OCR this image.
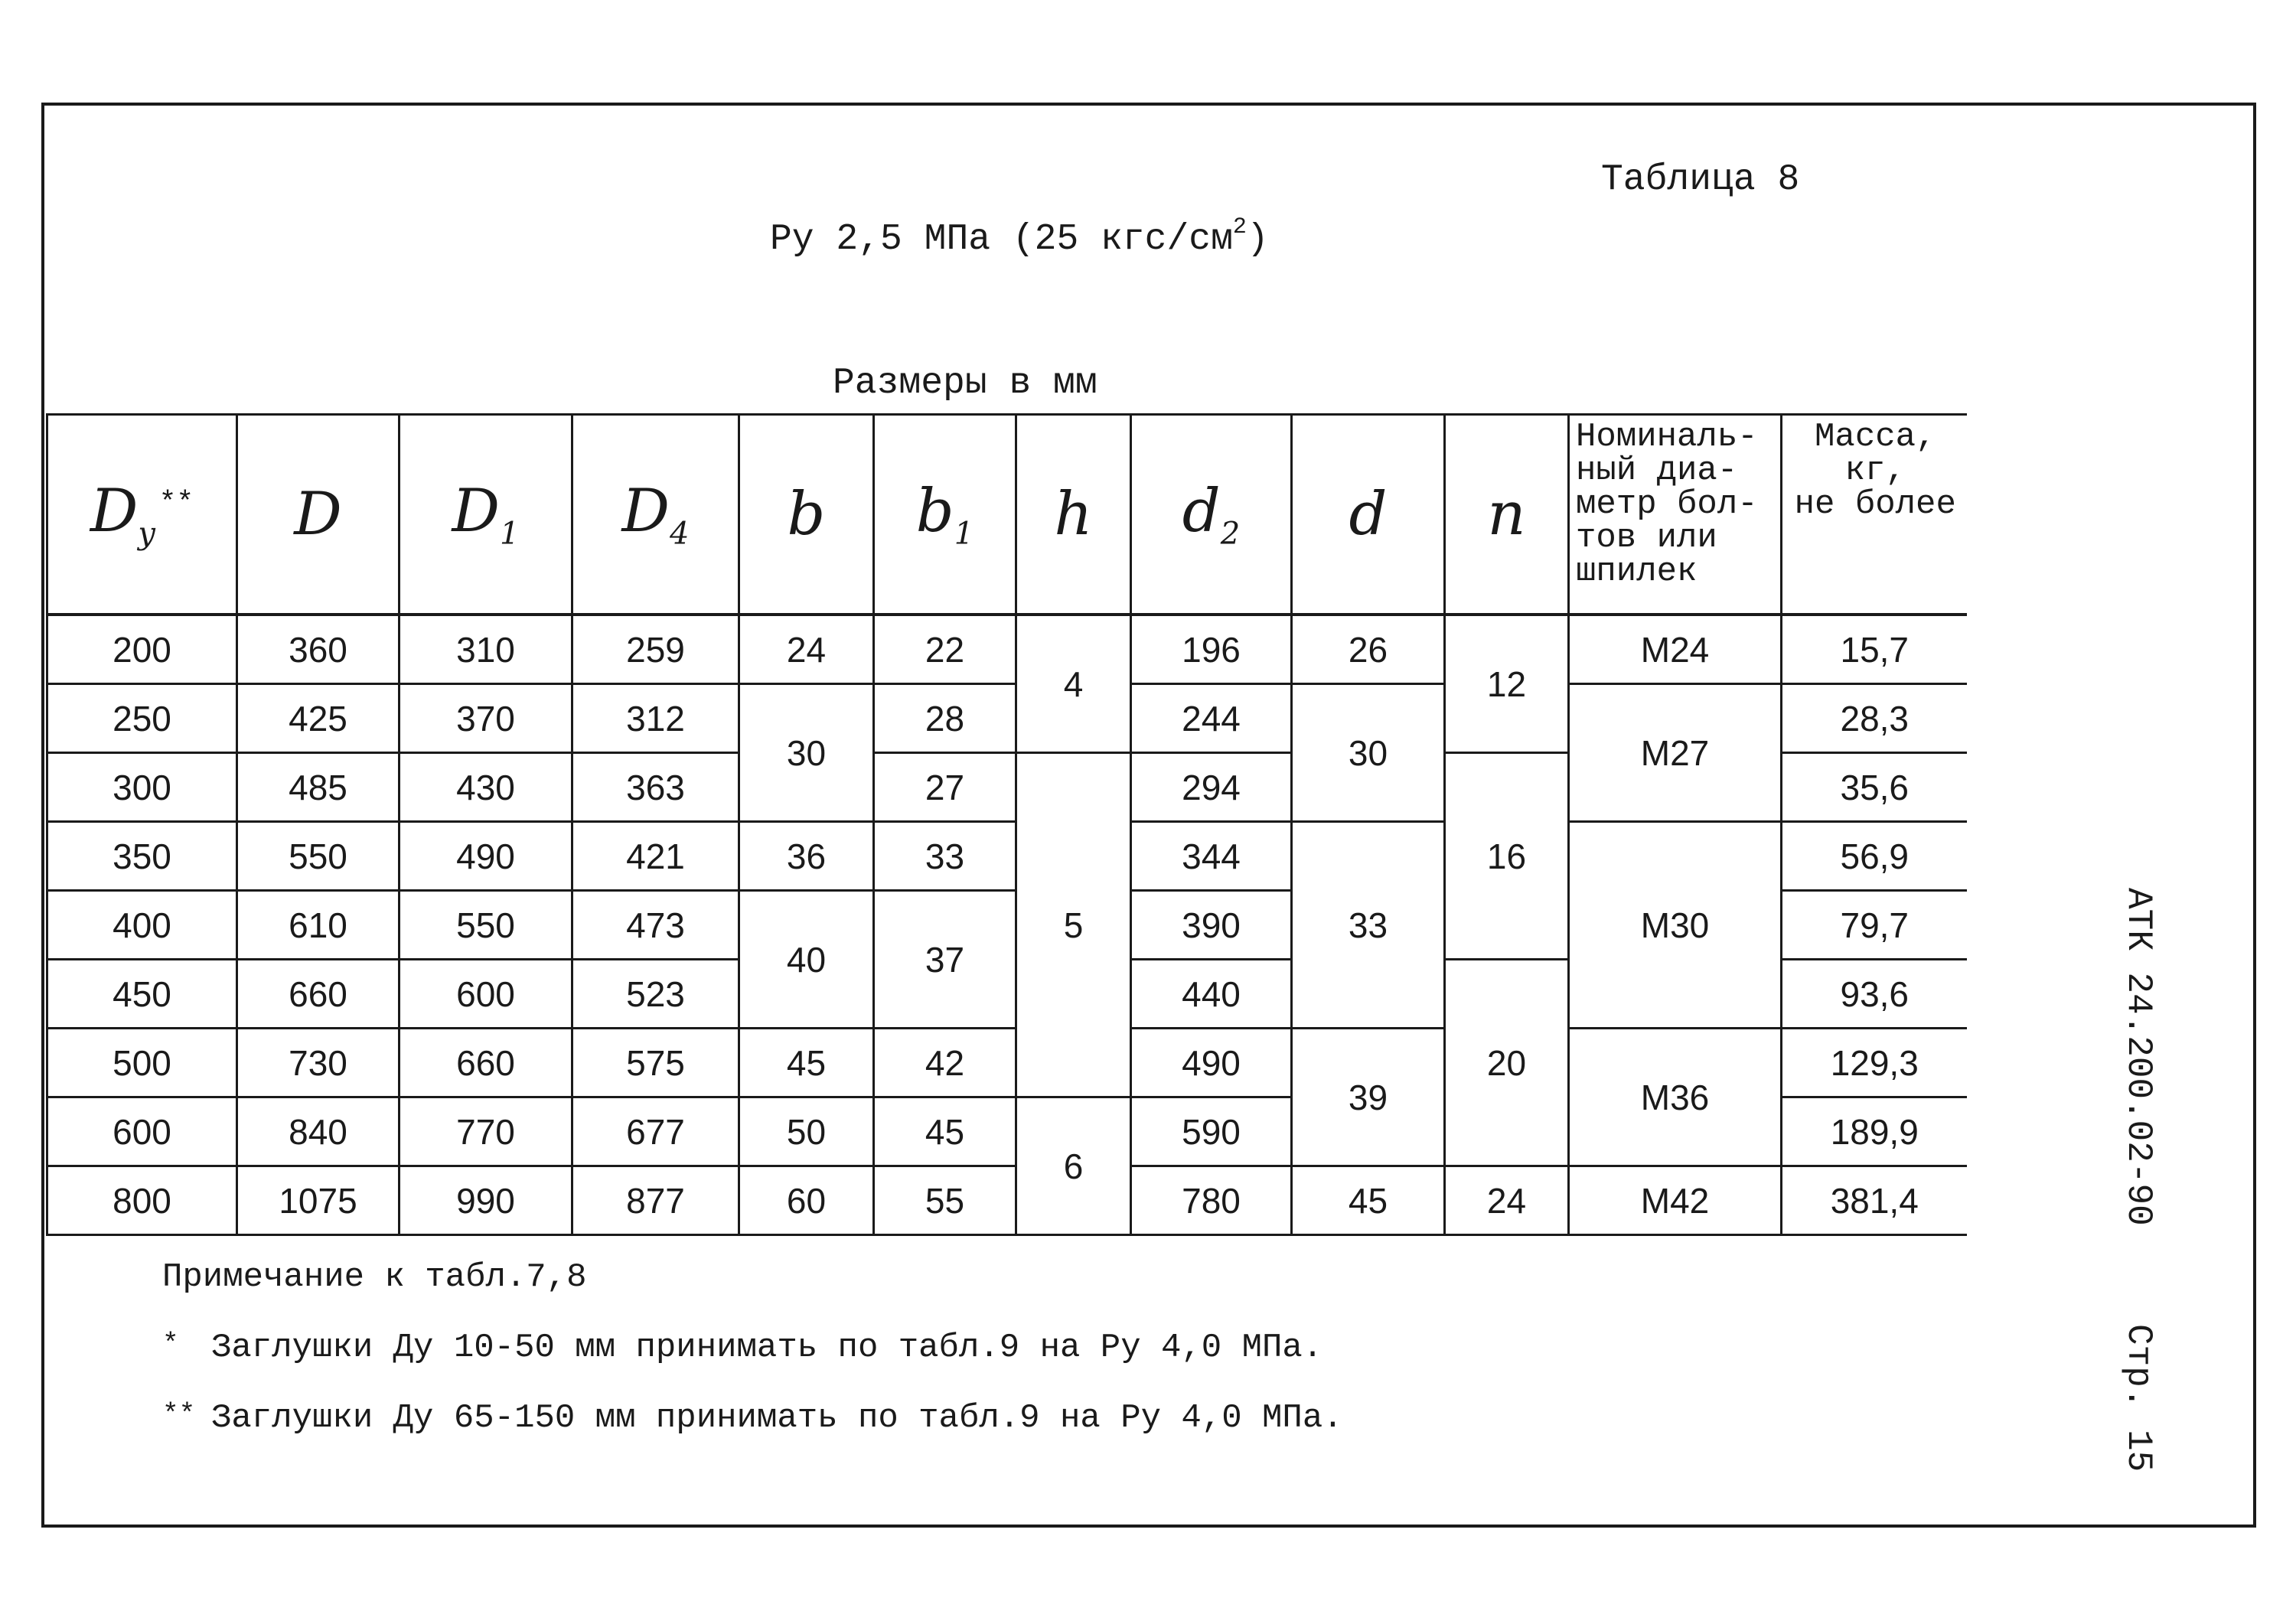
Таблица 8
Ру 2,5 МПа (25 кгс/$см^2$)
Размеры в мм
$D_у^{**}$	D	$D_1$	$D_4$	b	$b_1$	h	$d_2$	d	n	Номиналь-
ный диа-
метр бол-
тов или
шпилек	Масса,
кг,
не более
200	360	310	259	24	22	4	196	26	12	M24	15,7
250	425	370	312	30	28		244	30		M27	28,3
300	485	430	363		27	5	294		16		35,6
350	550	490	421	36	33		344	33		M30	56,9
400	610	550	473	40	37		390				79,7
450	660	600	523				440		20		93,6
500	730	660	575	45	42		490	39		M36	129,3
600	840	770	677	50	45	6	590				189,9
800	1075	990	877	60	55		780	45	24	M42	381,4
Примечание к табл.7,8
* Заглушки Ду 10-50 мм принимать по табл.9 на Ру 4,0 МПа.
** Заглушки Ду 65-150 мм принимать по табл.9 на Ру 4,0 МПа.
АТК 24.200.02-90
Стр. 15
